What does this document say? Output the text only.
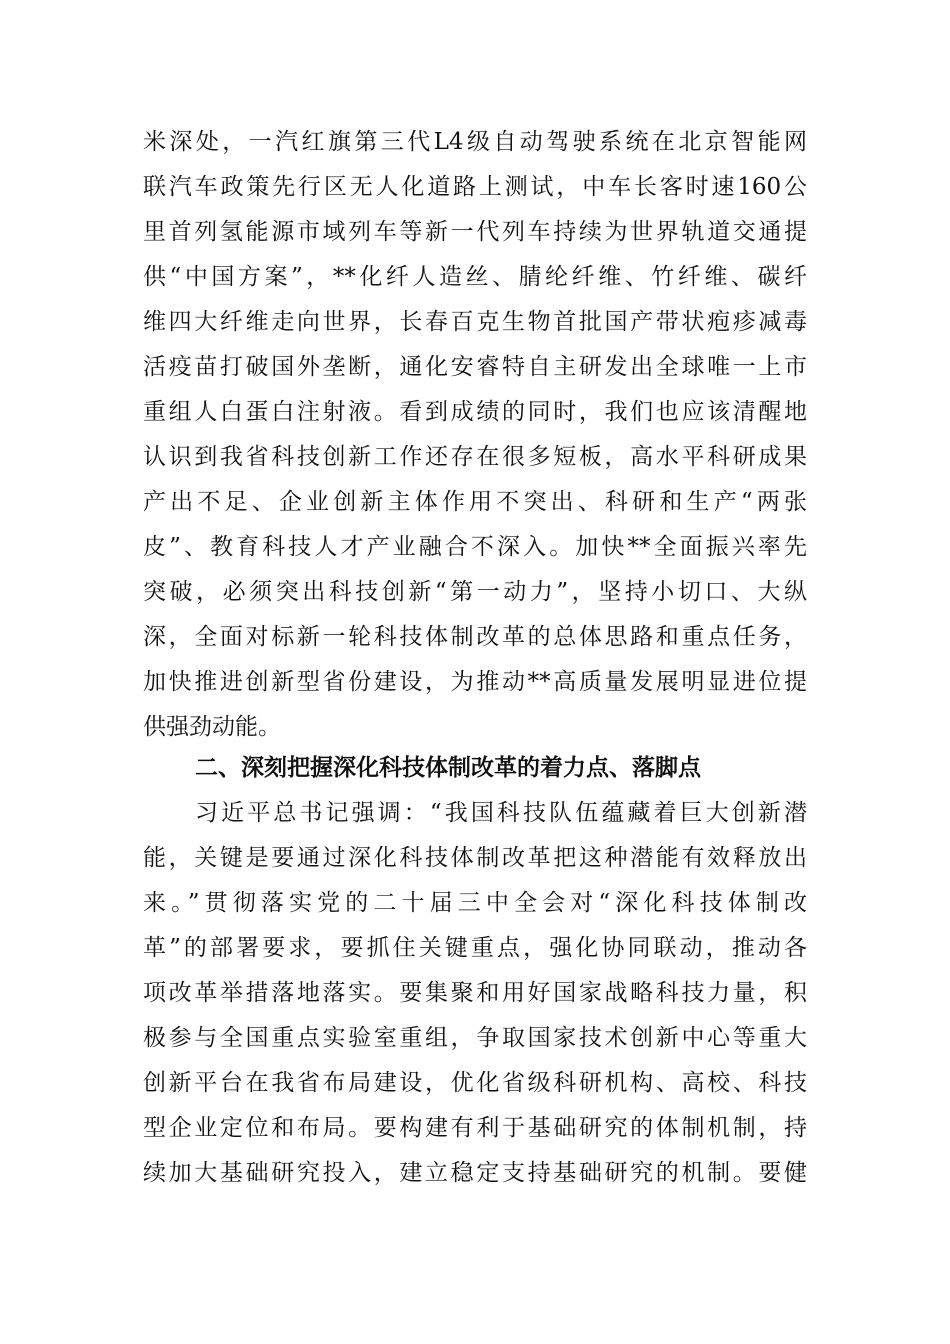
米深处，一汽红旗第三代L4级自动驾驶系统在北京智能网
联汽车政策先行区无人化道路上测试，中车长客时速160公
里首列氢能源市域列车等新一代列车持续为世界轨道交通提
供“中国方案”，**化纤人造丝、腈纶纤维、竹纤维、碳纤
维四大纤维走向世界，长春百克生物首批国产带状疱疹减毒
活疫苗打破国外垄断，通化安睿特自主研发出全球唯一上市
重组人白蛋白注射液。看到成绩的同时，我们也应该清醒地
认识到我省科技创新工作还存在很多短板，高水平科研成果
产出不足、企业创新主体作用不突出、科研和生产“两张
皮”、教育科技人才产业融合不深入。加快**全面振兴率先
突破，必须突出科技创新“第一动力”，坚持小切口、大纵
深，全面对标新一轮科技体制改革的总体思路和重点任务，
加快推进创新型省份建设，为推动**高质量发展明显进位提
供强劲动能。
二、深刻把握深化科技体制改革的着力点、落脚点
习近平总书记强调：“我国科技队伍蕴藏着巨大创新潜
能，关键是要通过深化科技体制改革把这种潜能有效释放出
来。”贯彻落实党的二十届三中全会对“深化科技体制改
革”的部署要求，要抓住关键重点，强化协同联动，推动各
项改革举措落地落实。要集聚和用好国家战略科技力量，积
极参与全国重点实验室重组，争取国家技术创新中心等重大
创新平台在我省布局建设，优化省级科研机构、高校、科技
型企业定位和布局。要构建有利于基础研究的体制机制，持
续加大基础研究投入，建立稳定支持基础研究的机制。要健
